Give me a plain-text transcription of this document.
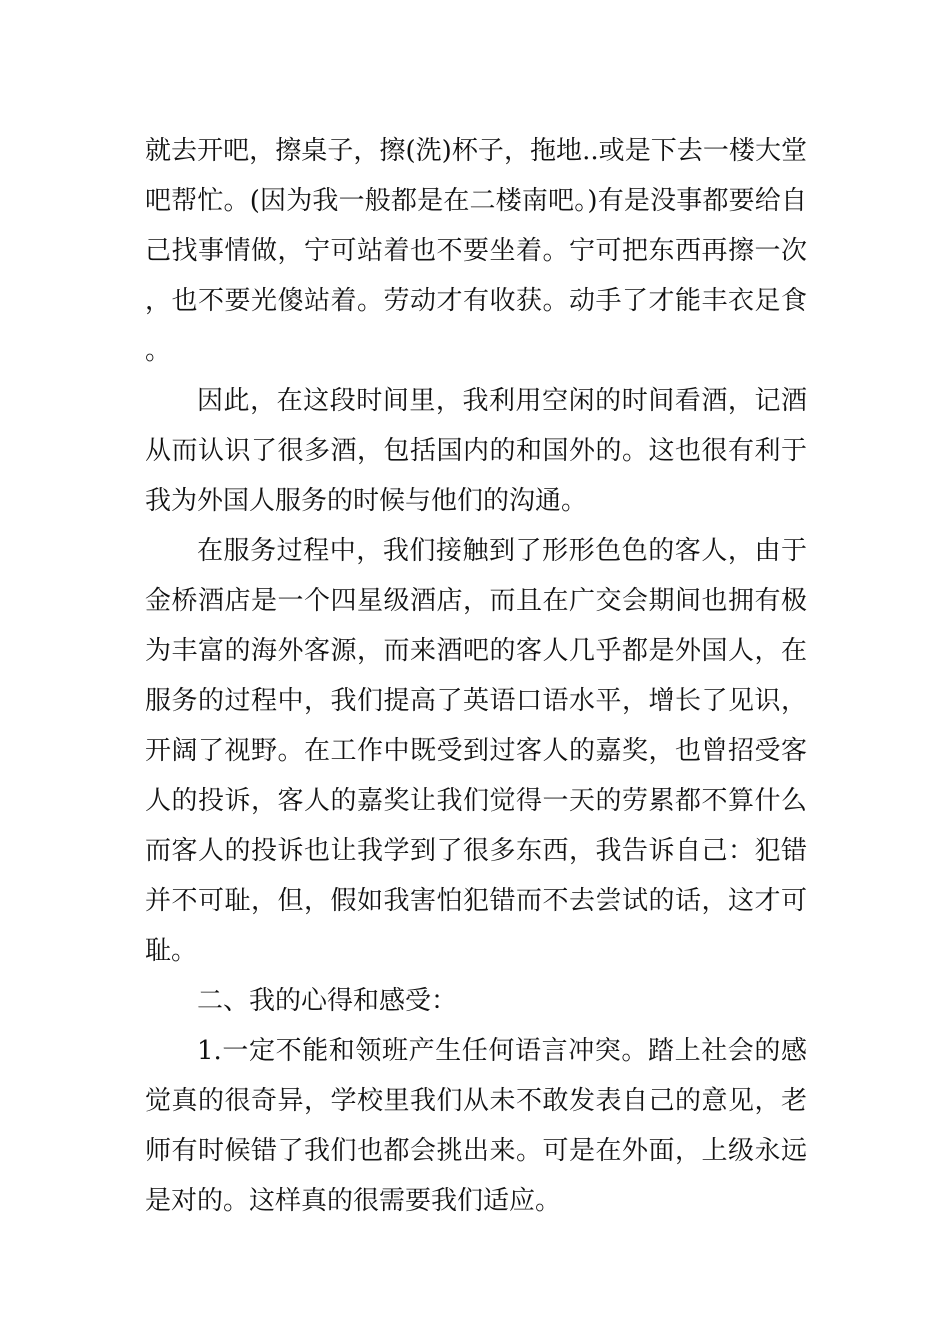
就去开吧，擦桌子，擦(洗)杯子，拖地..或是下去一楼大堂吧帮忙。(因为我一般都是在二楼南吧。)有是没事都要给自己找事情做，宁可站着也不要坐着。宁可把东西再擦一次，也不要光傻站着。劳动才有收获。动手了才能丰衣足食。

因此，在这段时间里，我利用空闲的时间看酒，记酒从而认识了很多酒，包括国内的和国外的。这也很有利于我为外国人服务的时候与他们的沟通。

在服务过程中，我们接触到了形形色色的客人，由于金桥酒店是一个四星级酒店，而且在广交会期间也拥有极为丰富的海外客源，而来酒吧的客人几乎都是外国人，在服务的过程中，我们提高了英语口语水平，增长了见识，开阔了视野。在工作中既受到过客人的嘉奖，也曾招受客人的投诉，客人的嘉奖让我们觉得一天的劳累都不算什么而客人的投诉也让我学到了很多东西，我告诉自己：犯错并不可耻，但，假如我害怕犯错而不去尝试的话，这才可耻。

二、我的心得和感受：

1.一定不能和领班产生任何语言冲突。踏上社会的感觉真的很奇异，学校里我们从未不敢发表自己的意见，老师有时候错了我们也都会挑出来。可是在外面，上级永远是对的。这样真的很需要我们适应。
